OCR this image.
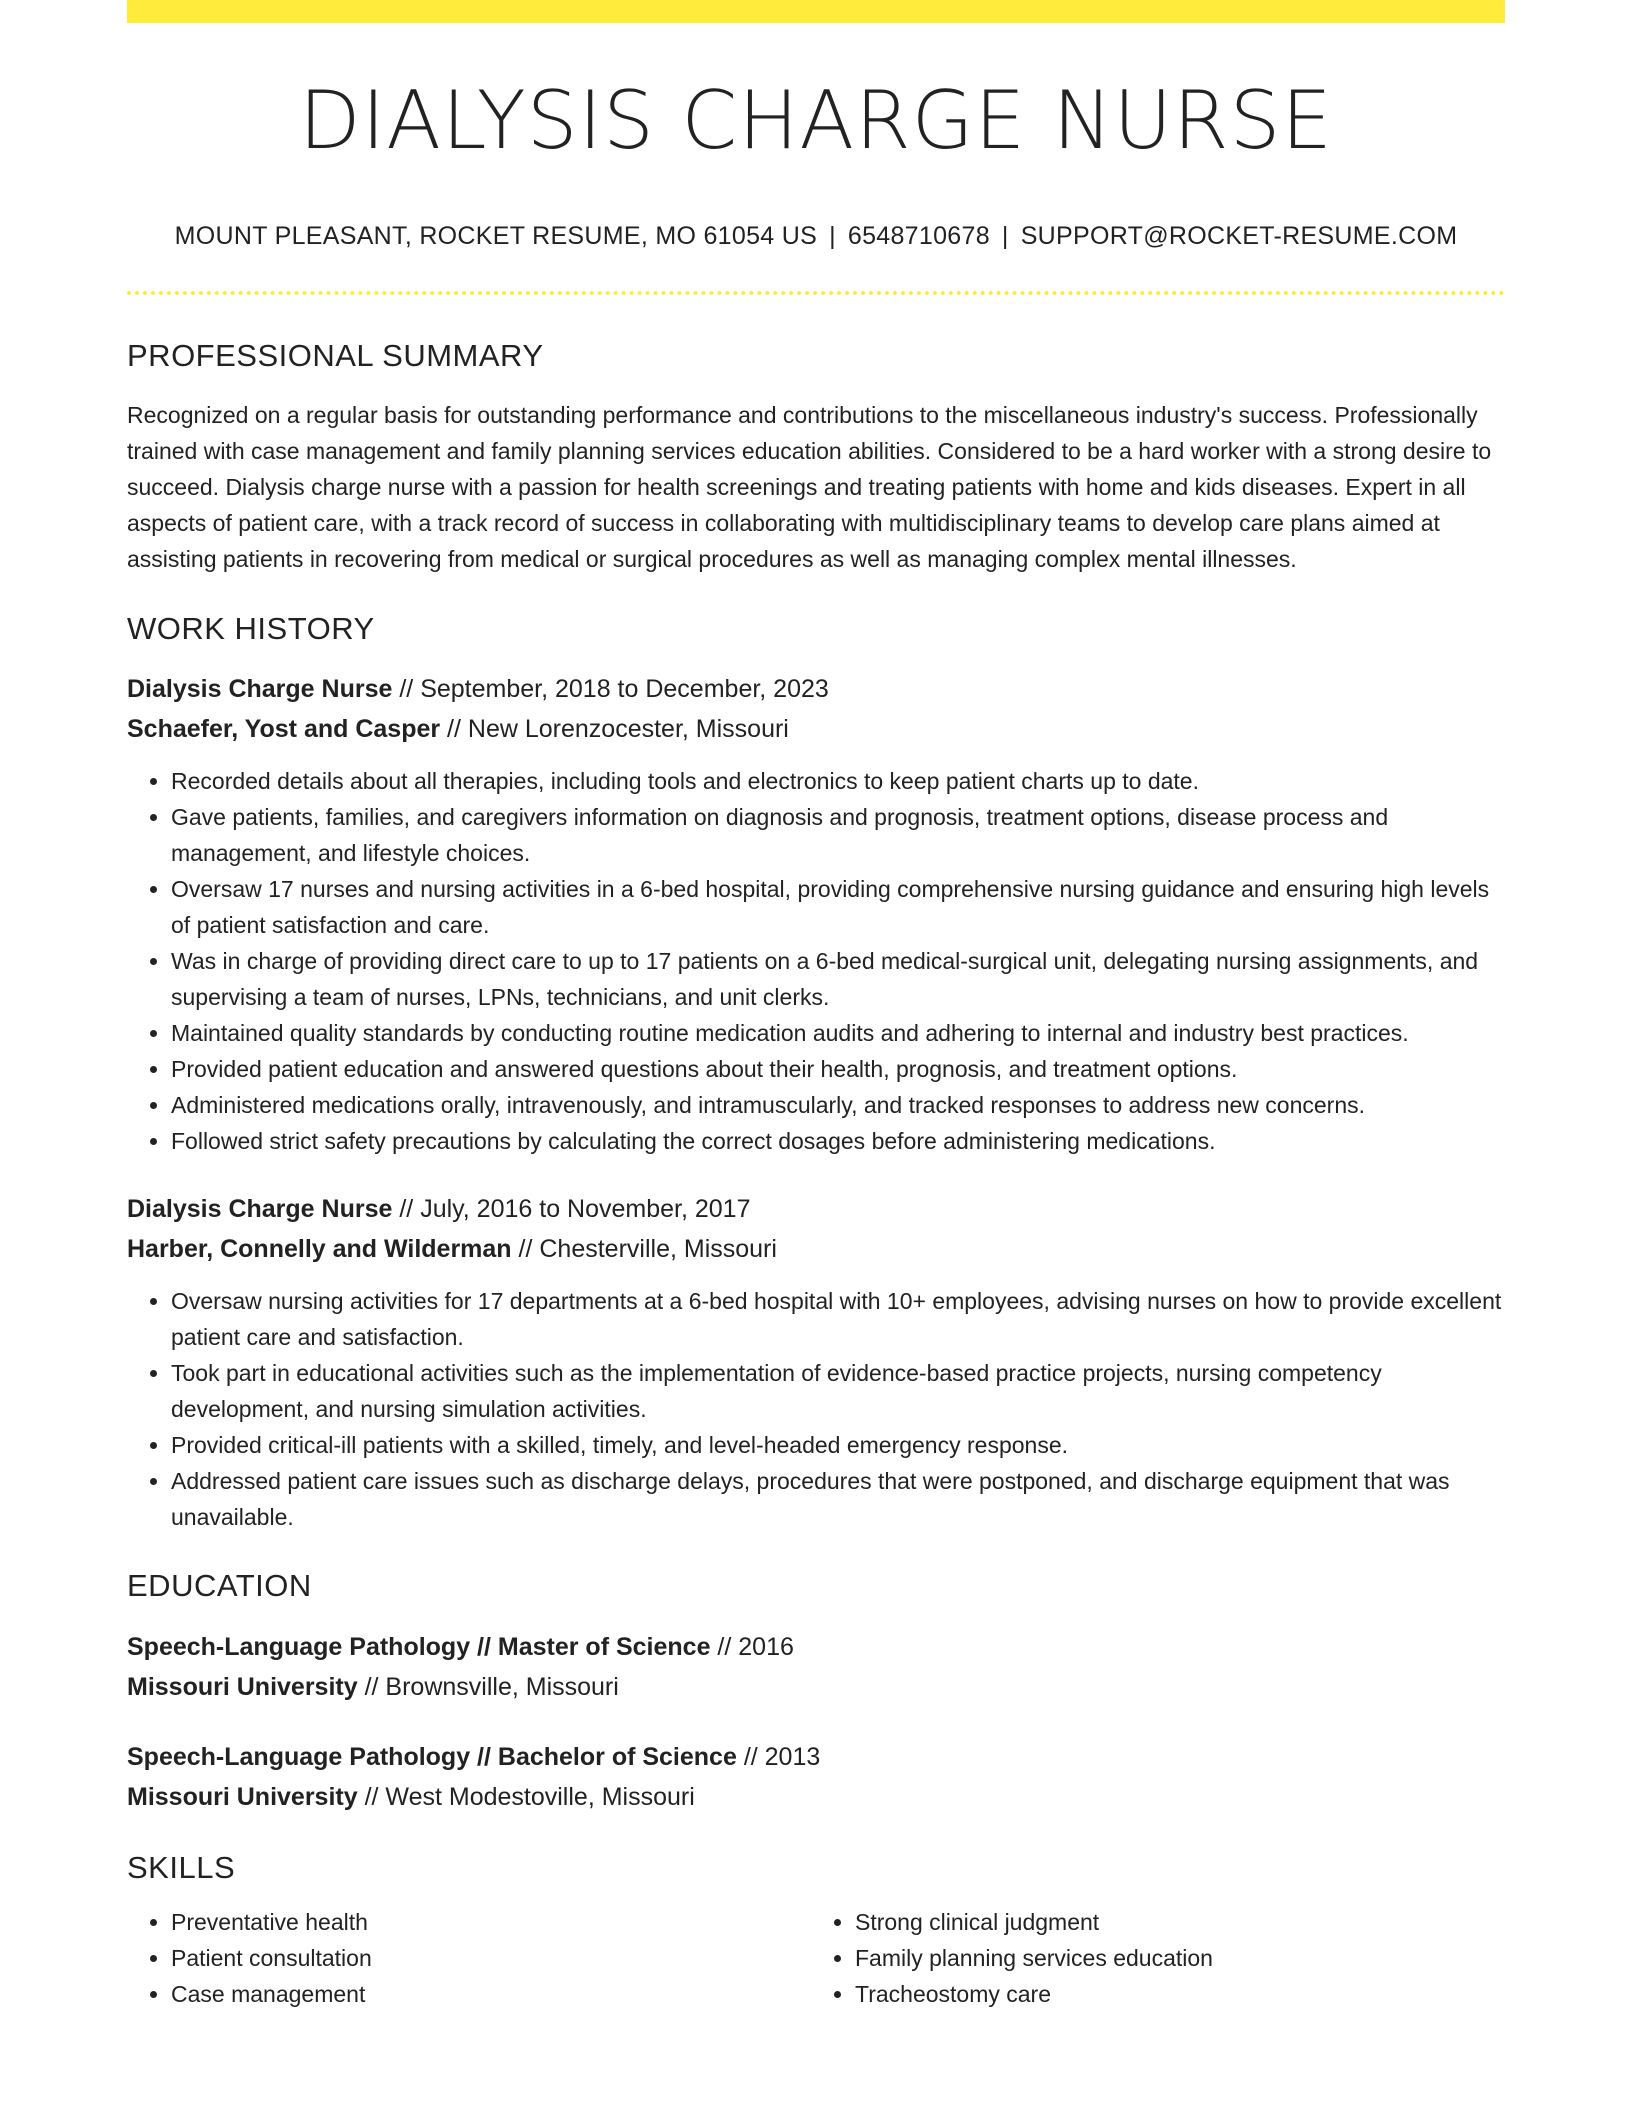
DIALYSIS CHARGE NURSE
MOUNT PLEASANT, ROCKET RESUME, MO 61054 US | 6548710678 | SUPPORT@ROCKET-RESUME.COM
PROFESSIONAL SUMMARY

Recognized on a regular basis for outstanding performance and contributions to the miscellaneous industry's success. Professionally trained with case management and family planning services education abilities. Considered to be a hard worker with a strong desire to succeed. Dialysis charge nurse with a passion for health screenings and treating patients with home and kids diseases. Expert in all aspects of patient care, with a track record of success in collaborating with multidisciplinary teams to develop care plans aimed at assisting patients in recovering from medical or surgical procedures as well as managing complex mental illnesses.

WORK HISTORY
Dialysis Charge Nurse // September, 2018 to December, 2023
Schaefer, Yost and Casper // New Lorenzocester, Missouri
• Recorded details about all therapies, including tools and electronics to keep patient charts up to date.
• Gave patients, families, and caregivers information on diagnosis and prognosis, treatment options, disease process and management, and lifestyle choices.
• Oversaw 17 nurses and nursing activities in a 6-bed hospital, providing comprehensive nursing guidance and ensuring high levels of patient satisfaction and care.
• Was in charge of providing direct care to up to 17 patients on a 6-bed medical-surgical unit, delegating nursing assignments, and supervising a team of nurses, LPNs, technicians, and unit clerks.
• Maintained quality standards by conducting routine medication audits and adhering to internal and industry best practices.
• Provided patient education and answered questions about their health, prognosis, and treatment options.
• Administered medications orally, intravenously, and intramuscularly, and tracked responses to address new concerns.
• Followed strict safety precautions by calculating the correct dosages before administering medications.
Dialysis Charge Nurse // July, 2016 to November, 2017
Harber, Connelly and Wilderman // Chesterville, Missouri
• Oversaw nursing activities for 17 departments at a 6-bed hospital with 10+ employees, advising nurses on how to provide excellent patient care and satisfaction.
• Took part in educational activities such as the implementation of evidence-based practice projects, nursing competency development, and nursing simulation activities.
• Provided critical-ill patients with a skilled, timely, and level-headed emergency response.
• Addressed patient care issues such as discharge delays, procedures that were postponed, and discharge equipment that was unavailable.
EDUCATION
Speech-Language Pathology // Master of Science // 2016
Missouri University // Brownsville, Missouri
Speech-Language Pathology // Bachelor of Science // 2013
Missouri University // West Modestoville, Missouri
SKILLS
• Preventative health
• Patient consultation
• Case management
• Strong clinical judgment
• Family planning services education
• Tracheostomy care
